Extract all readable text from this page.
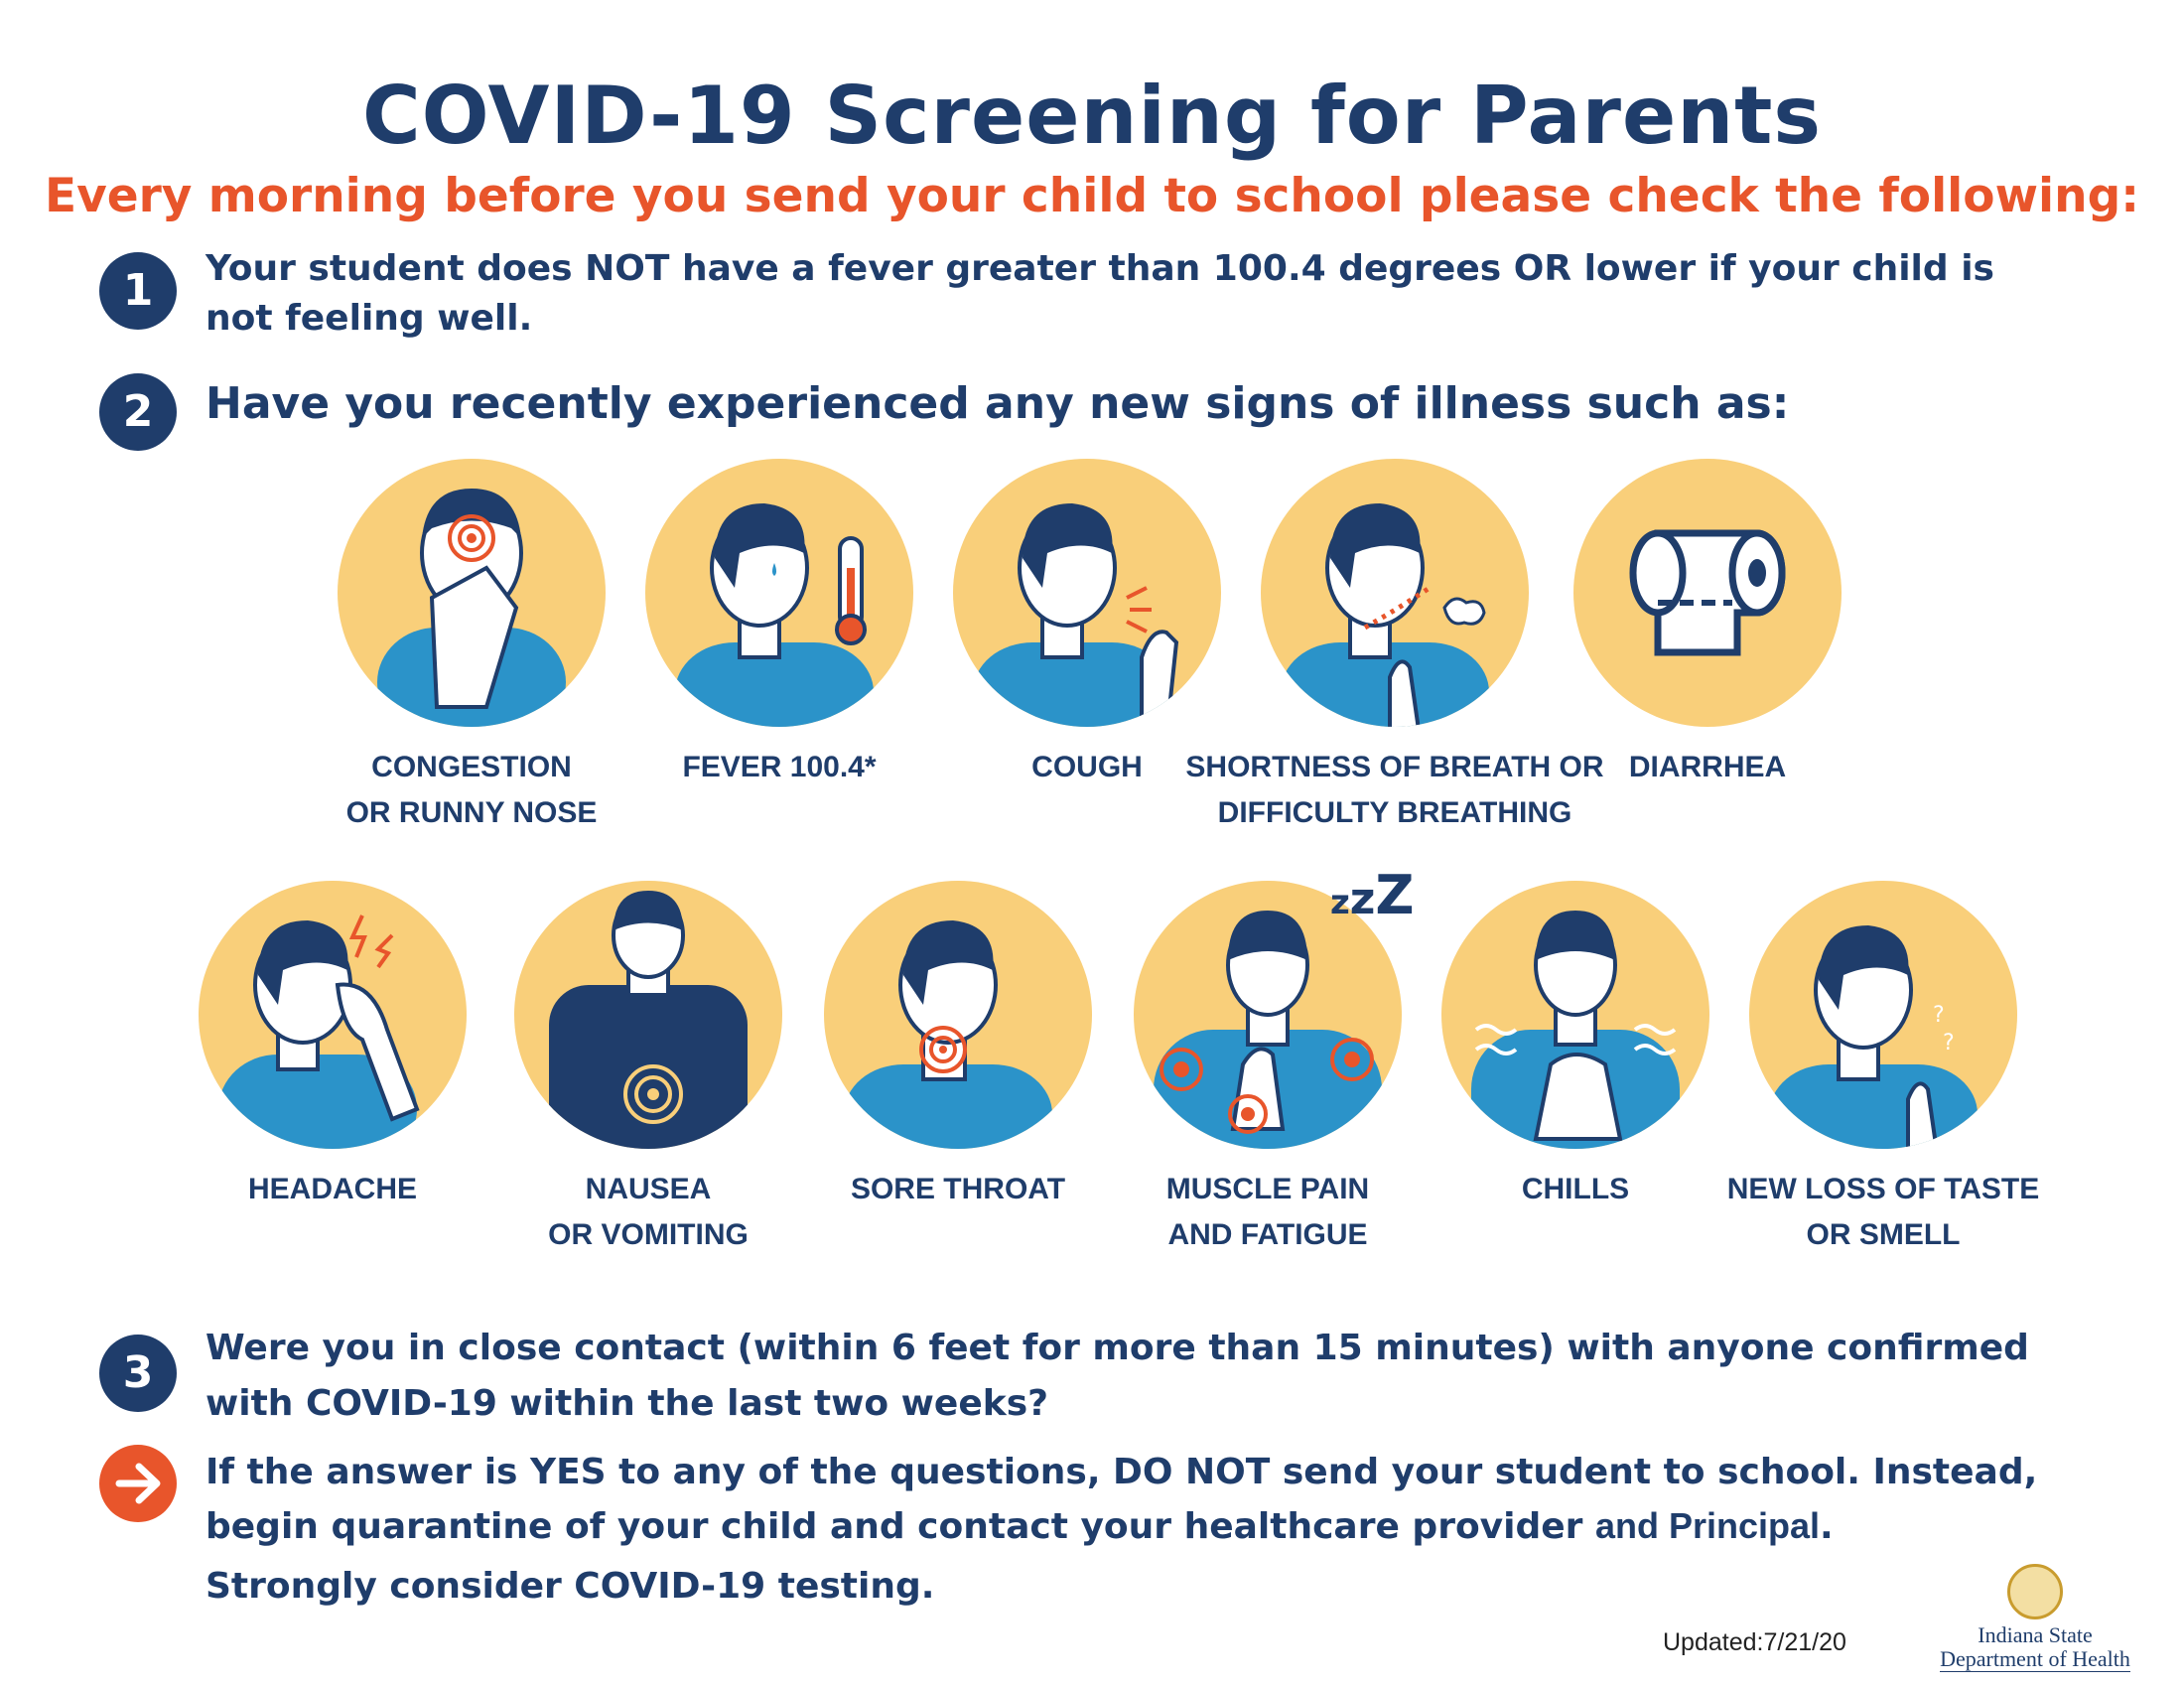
COVID-19 Screening for Parents
Every morning before you send your child to school please check the following:
1	Your student does NOT have a fever greater than 100.4 degrees OR lower if your child is
not feeling well.
2	Have you recently experienced any new signs of illness such as:
CONGESTION
OR RUNNY NOSE
FEVER 100.4*	COUGH	SHORTNESS OF BREATH OR
DIFFICULTY BREATHING
DIARRHEA
HEADACHE	NAUSEA
OR VOMITING
SORE THROAT	MUSCLE PAIN
AND FATIGUE
zzZ
CHILLS
?
?
NEW LOSS OF TASTE
OR SMELL
3	Were you in close contact (within 6 feet for more than 15 minutes) with anyone confirmed
with COVID-19 within the last two weeks?
If the answer is YES to any of the questions, DO NOT send your student to school. Instead,
begin quarantine of your child and contact your healthcare provider and Principal.
Strongly consider COVID-19 testing.
Updated:7/21/20	Indiana State
Department of Health
